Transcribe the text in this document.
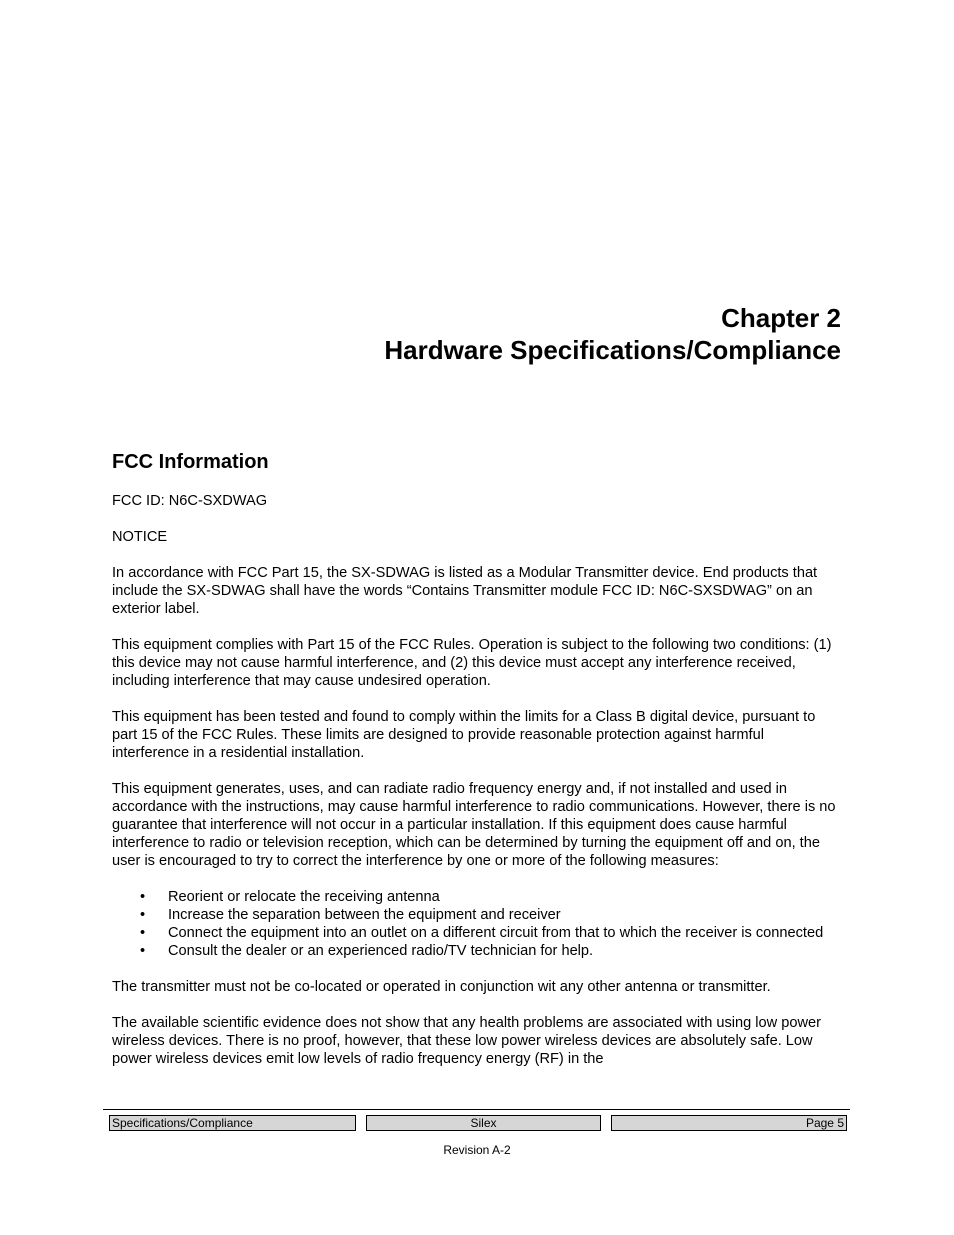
Chapter 2
Hardware Specifications/Compliance
FCC Information

FCC ID: N6C-SXDWAG

NOTICE

In accordance with FCC Part 15, the SX-SDWAG is listed as a Modular Transmitter device. End products that include the SX-SDWAG shall have the words “Contains Transmitter module FCC ID: N6C-SXSDWAG” on an exterior label.

This equipment complies with Part 15 of the FCC Rules. Operation is subject to the following two conditions: (1) this device may not cause harmful interference, and (2) this device must accept any interference received, including interference that may cause undesired operation.

This equipment has been tested and found to comply within the limits for a Class B digital device, pursuant to part 15 of the FCC Rules. These limits are designed to provide reasonable protection against harmful interference in a residential installation.

This equipment generates, uses, and can radiate radio frequency energy and, if not installed and used in accordance with the instructions, may cause harmful interference to radio communications. However, there is no guarantee that interference will not occur in a particular installation. If this equipment does cause harmful interference to radio or television reception, which can be determined by turning the equipment off and on, the user is encouraged to try to correct the interference by one or more of the following measures:

• Reorient or relocate the receiving antenna
• Increase the separation between the equipment and receiver
• Connect the equipment into an outlet on a different circuit from that to which the receiver is connected
• Consult the dealer or an experienced radio/TV technician for help.

The transmitter must not be co-located or operated in conjunction wit any other antenna or transmitter.

The available scientific evidence does not show that any health problems are associated with using low power wireless devices. There is no proof, however, that these low power wireless devices are absolutely safe. Low power wireless devices emit low levels of radio frequency energy (RF) in the

Specifications/Compliance	Silex	Page 5
Revision A-2
